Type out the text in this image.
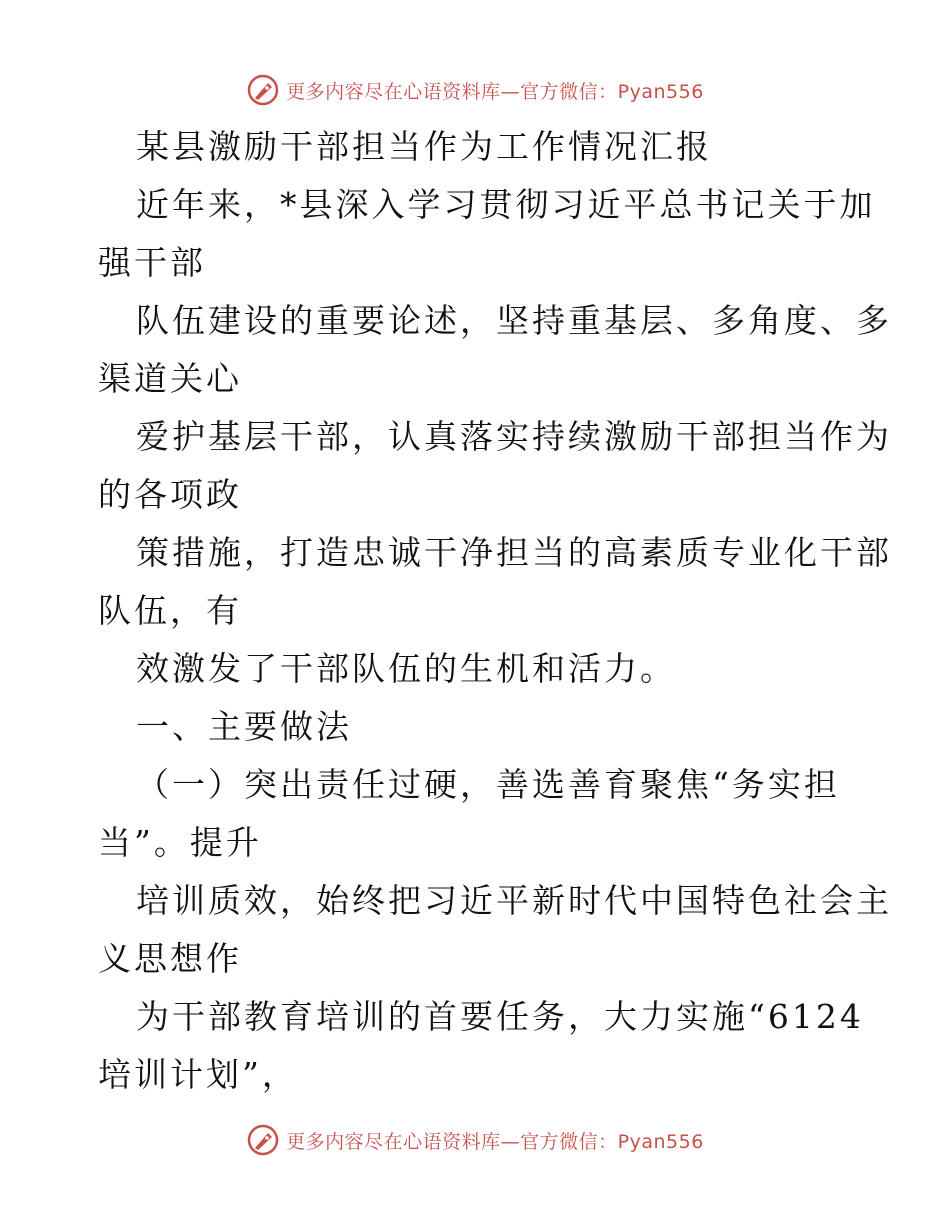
更多内容尽在心语资料库—官方微信：Pyan556
某县激励干部担当作为工作情况汇报
近年来，*县深入学习贯彻习近平总书记关于加
强干部
队伍建设的重要论述，坚持重基层、多角度、多
渠道关心
爱护基层干部，认真落实持续激励干部担当作为
的各项政
策措施，打造忠诚干净担当的高素质专业化干部
队伍，有
效激发了干部队伍的生机和活力。
一、主要做法
（一）突出责任过硬，善选善育聚焦“务实担
当”。提升
培训质效，始终把习近平新时代中国特色社会主
义思想作
为干部教育培训的首要任务，大力实施“6124
培训计划”，
更多内容尽在心语资料库—官方微信：Pyan556
